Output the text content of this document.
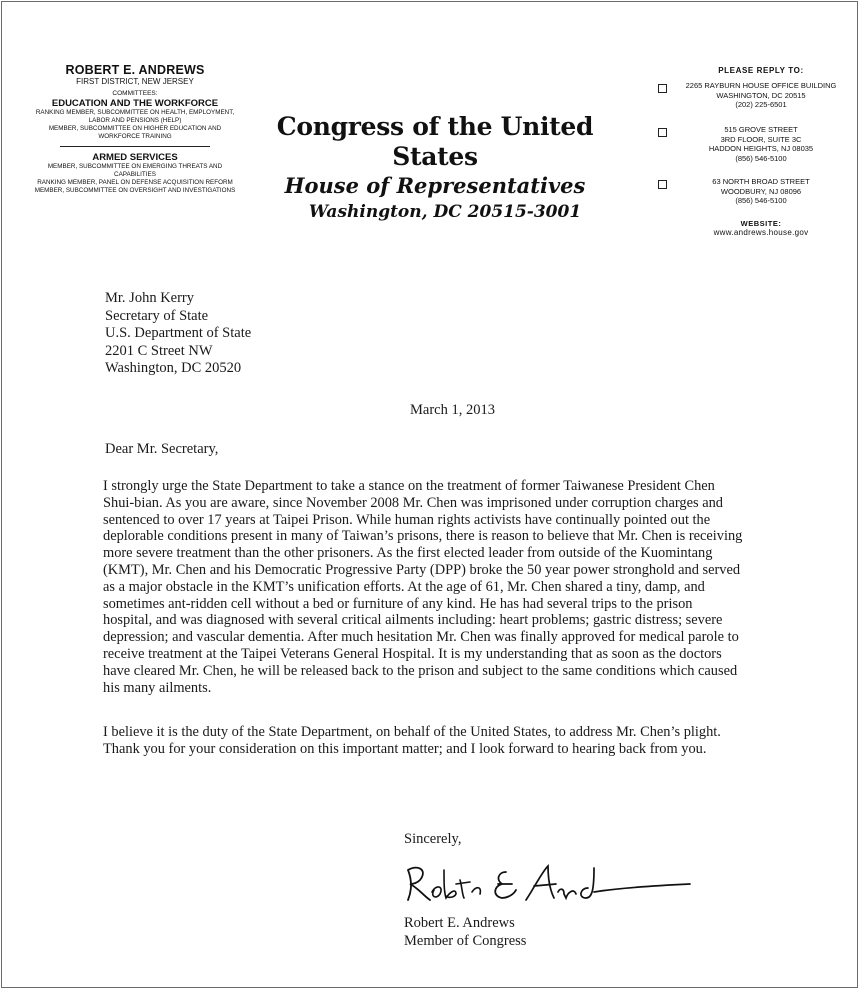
ROBERT E. ANDREWS
FIRST DISTRICT, NEW JERSEY
COMMITTEES:
EDUCATION AND THE WORKFORCE
RANKING MEMBER, SUBCOMMITTEE ON HEALTH, EMPLOYMENT, LABOR AND PENSIONS (HELP)
MEMBER, SUBCOMMITTEE ON HIGHER EDUCATION AND WORKFORCE TRAINING
ARMED SERVICES
MEMBER, SUBCOMMITTEE ON EMERGING THREATS AND CAPABILITIES
RANKING MEMBER, PANEL ON DEFENSE ACQUISITION REFORM
MEMBER, SUBCOMMITTEE ON OVERSIGHT AND INVESTIGATIONS
Congress of the United States
House of Representatives
Washington, DC 20515-3001
PLEASE REPLY TO:
2265 RAYBURN HOUSE OFFICE BUILDING
WASHINGTON, DC 20515
(202) 225-6501
515 GROVE STREET
3RD FLOOR, SUITE 3C
HADDON HEIGHTS, NJ 08035
(856) 546-5100
63 NORTH BROAD STREET
WOODBURY, NJ 08096
(856) 546-5100
WEBSITE:
www.andrews.house.gov
Mr. John Kerry
Secretary of State
U.S. Department of State
2201 C Street NW
Washington, DC 20520
March 1, 2013
Dear Mr. Secretary,
I strongly urge the State Department to take a stance on the treatment of former Taiwanese President Chen Shui-bian. As you are aware, since November 2008 Mr. Chen was imprisoned under corruption charges and sentenced to over 17 years at Taipei Prison. While human rights activists have continually pointed out the deplorable conditions present in many of Taiwan’s prisons, there is reason to believe that Mr. Chen is receiving more severe treatment than the other prisoners. As the first elected leader from outside of the Kuomintang (KMT), Mr. Chen and his Democratic Progressive Party (DPP) broke the 50 year power stronghold and served as a major obstacle in the KMT’s unification efforts. At the age of 61, Mr. Chen shared a tiny, damp, and sometimes ant-ridden cell without a bed or furniture of any kind. He has had several trips to the prison hospital, and was diagnosed with several critical ailments including: heart problems; gastric distress; severe depression; and vascular dementia. After much hesitation Mr. Chen was finally approved for medical parole to receive treatment at the Taipei Veterans General Hospital. It is my understanding that as soon as the doctors have cleared Mr. Chen, he will be released back to the prison and subject to the same conditions which caused his many ailments.
I believe it is the duty of the State Department, on behalf of the United States, to address Mr. Chen’s plight. Thank you for your consideration on this important matter; and I look forward to hearing back from you.
Sincerely,
Robert E. Andrews
Member of Congress
